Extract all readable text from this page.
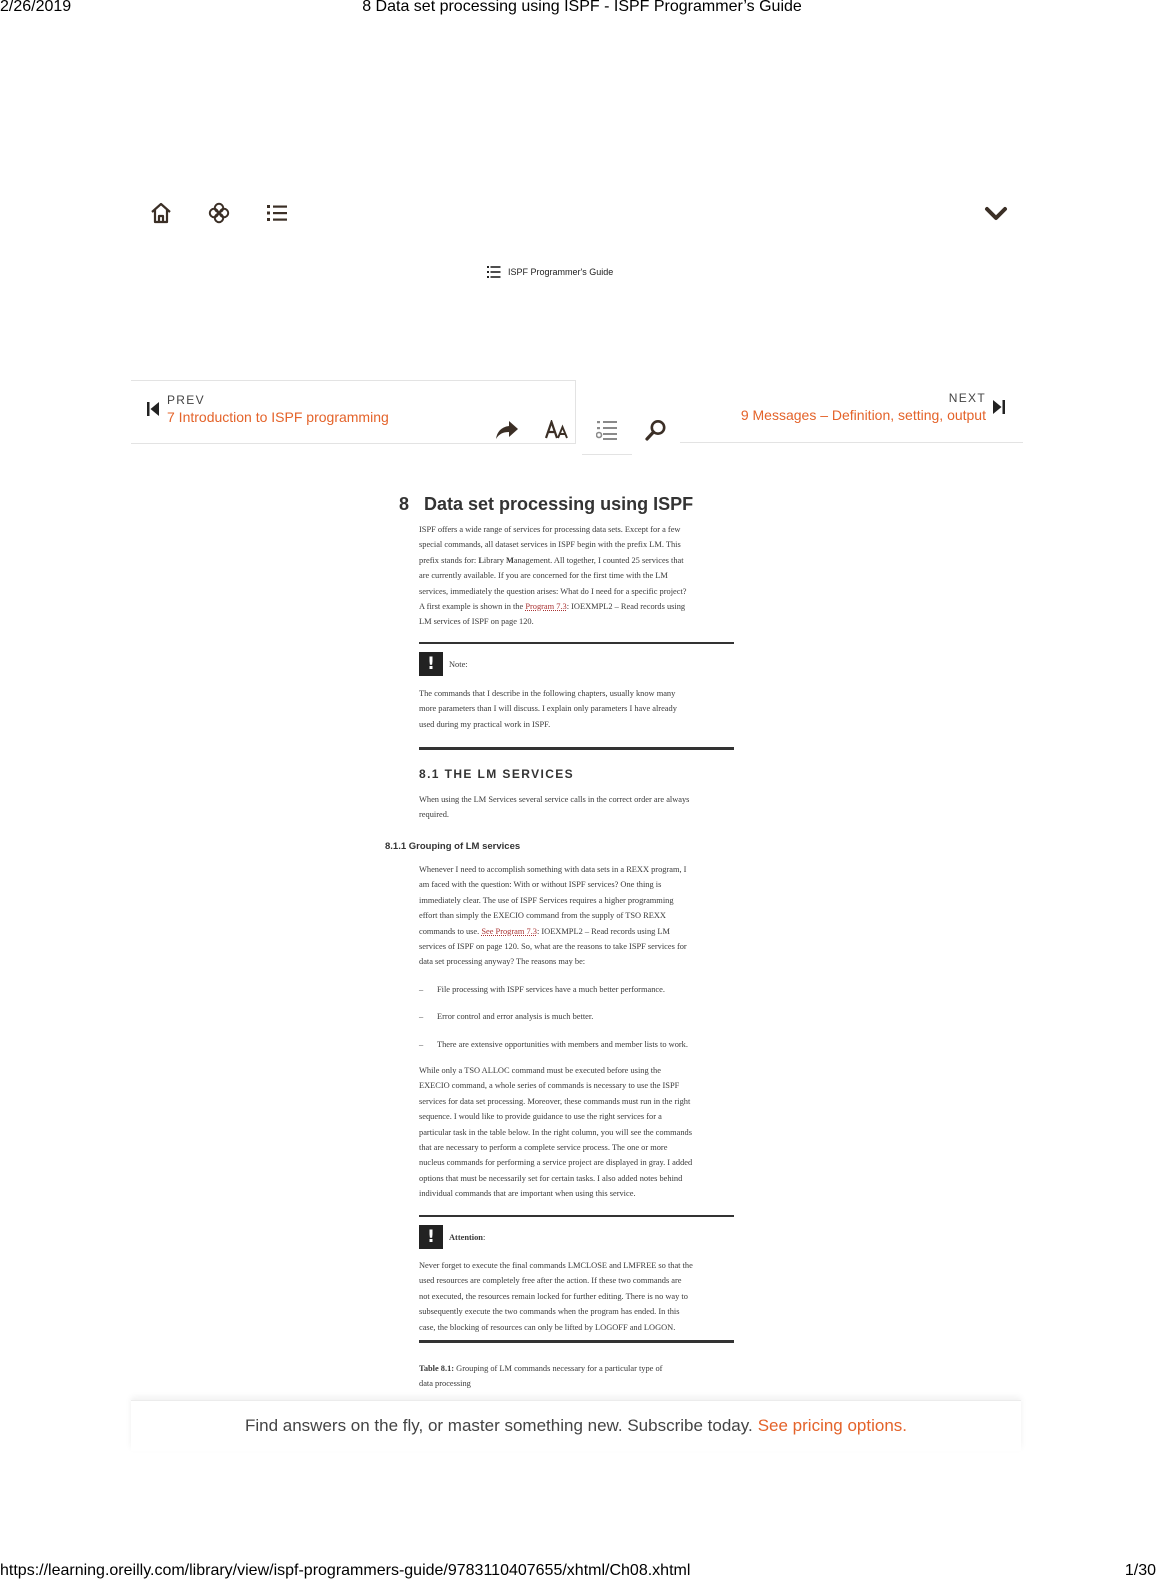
2/26/2019	8 Data set processing using ISPF - ISPF Programmer’s Guide
ISPF Programmer's Guide
PREV
7 Introduction to ISPF programming
NEXT
9 Messages – Definition, setting, output
8 Data set processing using ISPF
ISPF offers a wide range of services for processing data sets. Except for a few
special commands, all dataset services in ISPF begin with the prefix LM. This
prefix stands for: Library Management. All together, I counted 25 services that
are currently available. If you are concerned for the first time with the LM
services, immediately the question arises: What do I need for a specific project?
A first example is shown in the Program 7.3: IOEXMPL2 – Read records using
LM services of ISPF on page 120.
!	Note:
The commands that I describe in the following chapters, usually know many
more parameters than I will discuss. I explain only parameters I have already
used during my practical work in ISPF.
8.1 THE LM SERVICES
When using the LM Services several service calls in the correct order are always
required.
8.1.1 Grouping of LM services
Whenever I need to accomplish something with data sets in a REXX program, I
am faced with the question: With or without ISPF services? One thing is
immediately clear. The use of ISPF Services requires a higher programming
effort than simply the EXECIO command from the supply of TSO REXX
commands to use. See Program 7.3: IOEXMPL2 – Read records using LM
services of ISPF on page 120. So, what are the reasons to take ISPF services for
data set processing anyway? The reasons may be:
–	File processing with ISPF services have a much better performance.
–	Error control and error analysis is much better.
–	There are extensive opportunities with members and member lists to work.
While only a TSO ALLOC command must be executed before using the
EXECIO command, a whole series of commands is necessary to use the ISPF
services for data set processing. Moreover, these commands must run in the right
sequence. I would like to provide guidance to use the right services for a
particular task in the table below. In the right column, you will see the commands
that are necessary to perform a complete service process. The one or more
nucleus commands for performing a service project are displayed in gray. I added
options that must be necessarily set for certain tasks. I also added notes behind
individual commands that are important when using this service.
!	Attention:
Never forget to execute the final commands LMCLOSE and LMFREE so that the
used resources are completely free after the action. If these two commands are
not executed, the resources remain locked for further editing. There is no way to
subsequently execute the two commands when the program has ended. In this
case, the blocking of resources can only be lifted by LOGOFF and LOGON.
Table 8.1: Grouping of LM commands necessary for a particular type of
data processing
Find answers on the fly, or master something new. Subscribe today. See pricing options.
https://learning.oreilly.com/library/view/ispf-programmers-guide/9783110407655/xhtml/Ch08.xhtml	1/30
